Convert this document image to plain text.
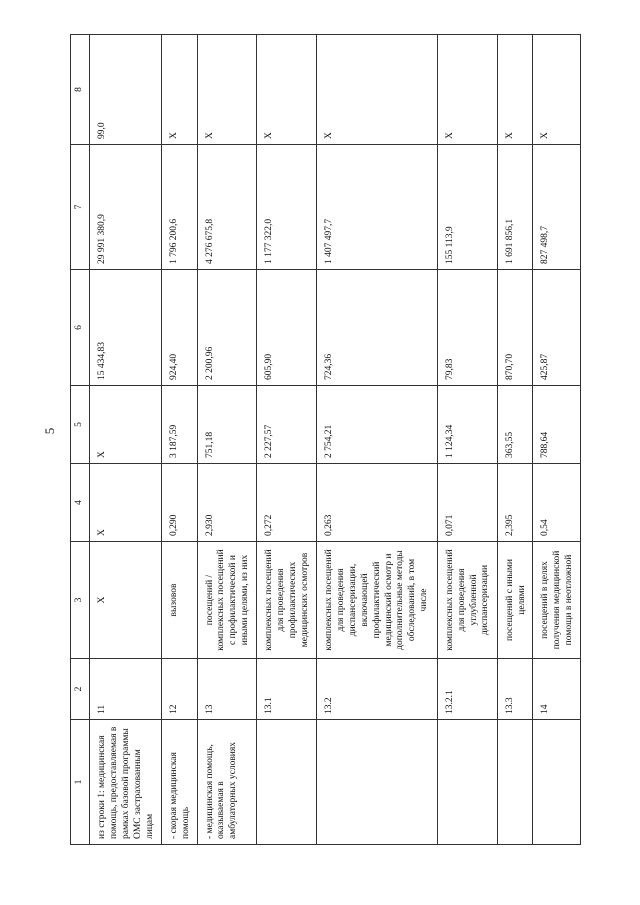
5
1	2	3	4	5	6	7	8
из строки 1: медицинская помощь, предоставляемая в рамках базовой программы ОМС застрахованным лицам	11	X	X	X	15 434,83	29 991 380,9	99,0
- скорая медицинская помощь	12	вызовов	0,290	3 187,59	924,40	1 796 200,6	X
- медицинская помощь, оказываемая в амбулаторных условиях	13	посещений / комплексных посещений с профилактической и иными целями, из них	2,930	751,18	2 200,96	4 276 675,8	X
	13.1	комплексных посещений для проведения профилактических медицинских осмотров	0,272	2 227,57	605,90	1 177 322,0	X
	13.2	комплексных посещений для проведения диспансеризации, включающей профилактический медицинский осмотр и дополнительные методы обследований, в том числе	0,263	2 754,21	724,36	1 407 497,7	X
	13.2.1	комплексных посещений для проведения углубленной диспансеризации	0,071	1 124,34	79,83	155 113,9	X
	13.3	посещений с иными целями	2,395	363,55	870,70	1 691 856,1	X
	14	посещений в целях получения медицинской помощи в неотложной	0,54	788,64	425,87	827 498,7	X
